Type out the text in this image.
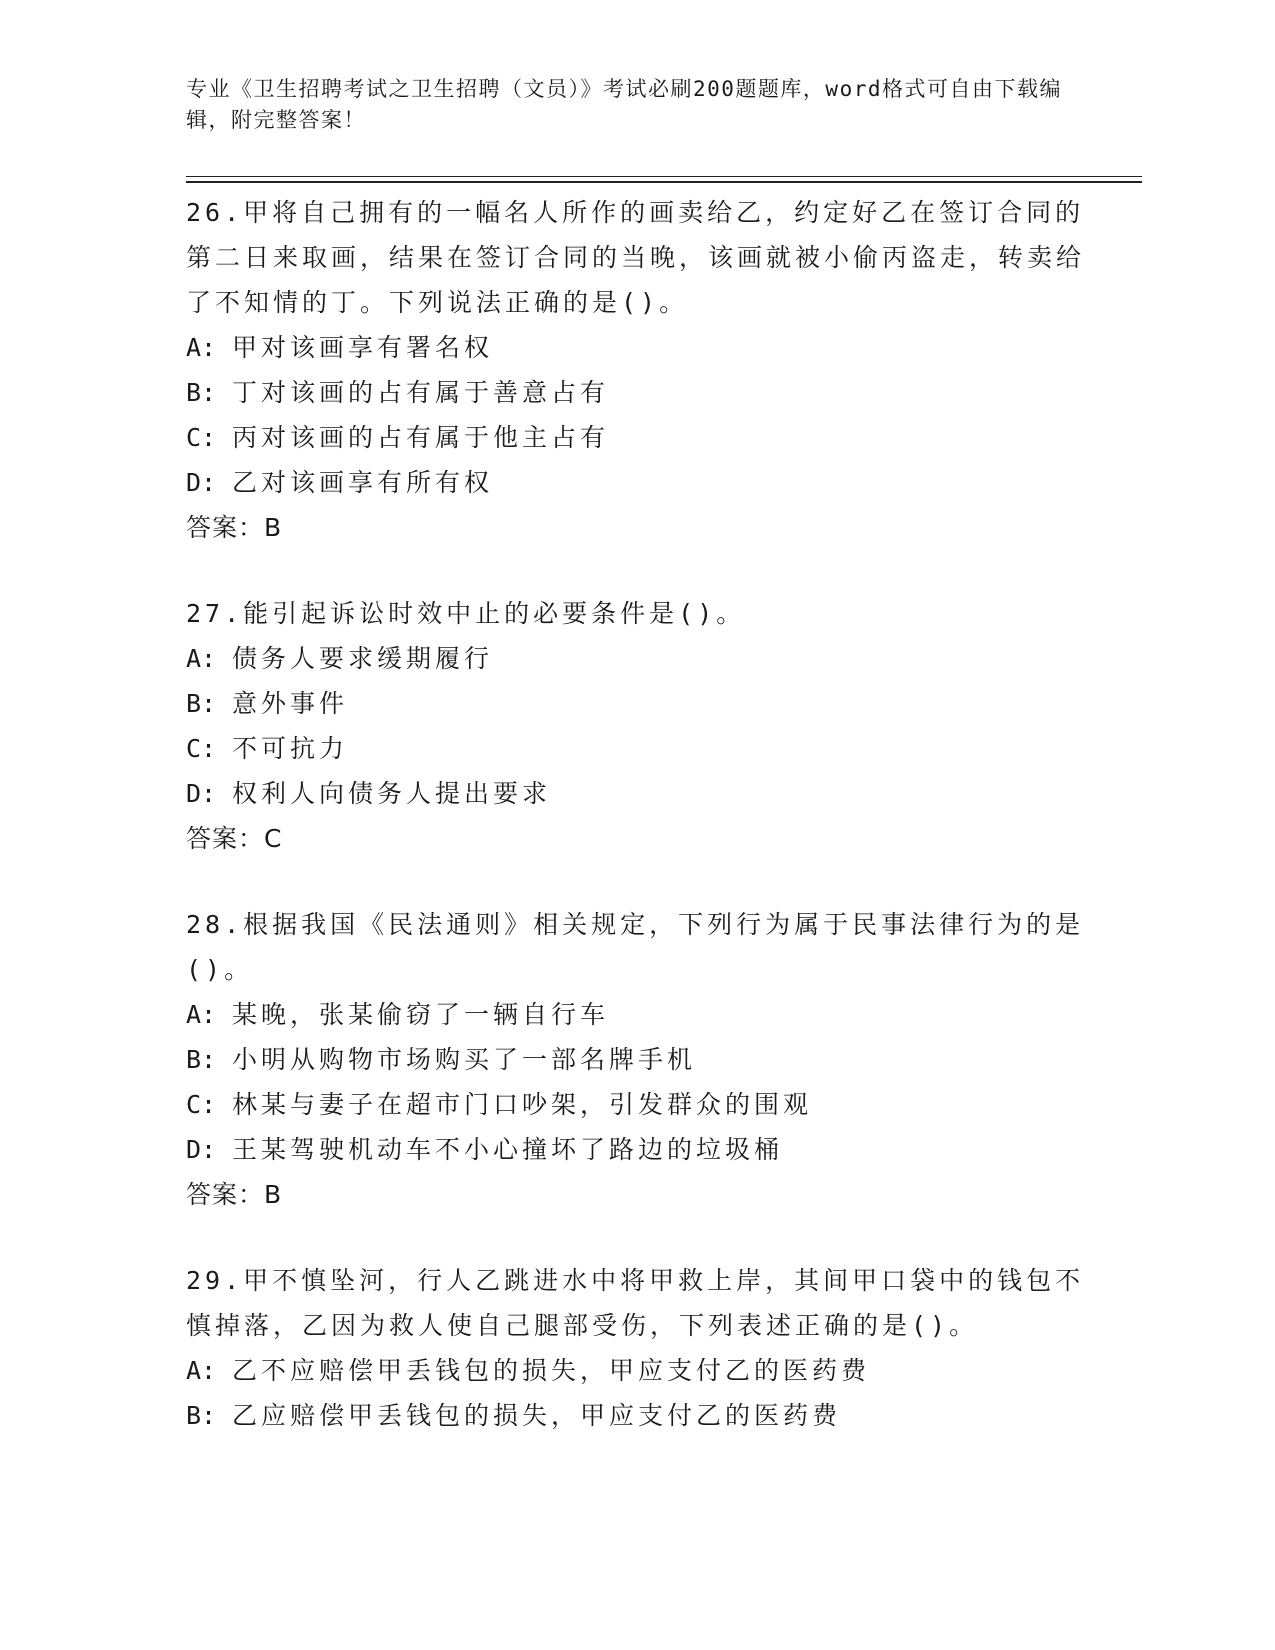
专业《卫生招聘考试之卫生招聘（文员）》考试必刷200题题库，word格式可自由下载编辑，附完整答案！
26.甲将自己拥有的一幅名人所作的画卖给乙，约定好乙在签订合同的第二日来取画，结果在签订合同的当晚，该画就被小偷丙盗走，转卖给了不知情的丁。下列说法正确的是()。
A: 甲对该画享有署名权
B: 丁对该画的占有属于善意占有
C: 丙对该画的占有属于他主占有
D: 乙对该画享有所有权
答案：B
27.能引起诉讼时效中止的必要条件是()。
A: 债务人要求缓期履行
B: 意外事件
C: 不可抗力
D: 权利人向债务人提出要求
答案：C
28.根据我国《民法通则》相关规定，下列行为属于民事法律行为的是()。
A: 某晚，张某偷窃了一辆自行车
B: 小明从购物市场购买了一部名牌手机
C: 林某与妻子在超市门口吵架，引发群众的围观
D: 王某驾驶机动车不小心撞坏了路边的垃圾桶
答案：B
29.甲不慎坠河，行人乙跳进水中将甲救上岸，其间甲口袋中的钱包不慎掉落，乙因为救人使自己腿部受伤，下列表述正确的是()。
A: 乙不应赔偿甲丢钱包的损失，甲应支付乙的医药费
B: 乙应赔偿甲丢钱包的损失，甲应支付乙的医药费
